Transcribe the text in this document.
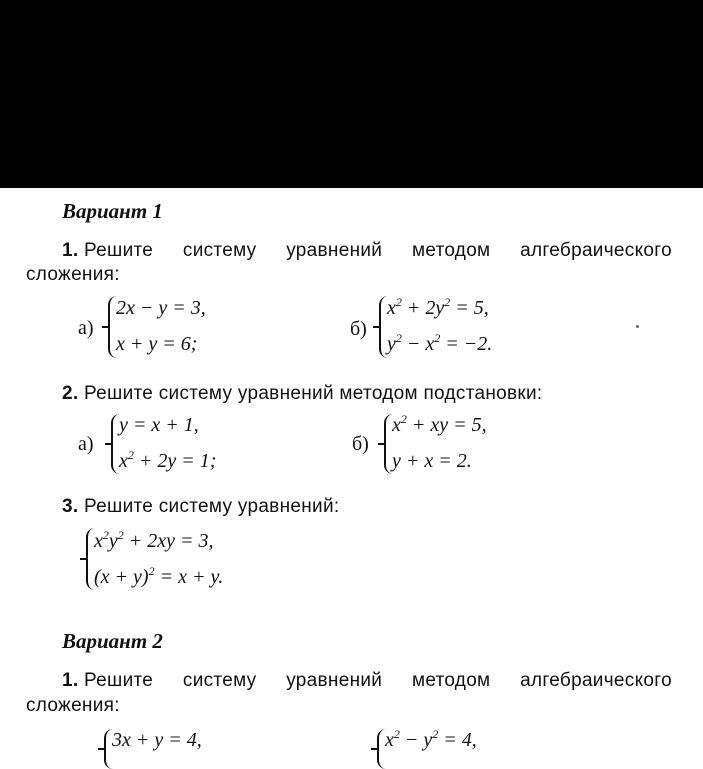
Вариант 1
1. Решите систему уравнений методом алгебраического
сложения:
а)
2x − y = 3,
x + y = 6;
б)
$x^2 + 2y^2 = 5$,
$y^2 - x^2 = -2$.
2. Решите систему уравнений методом подстановки:
а)
y = x + 1,
$x^2 + 2y = 1$;
б)
$x^2$ + xy = 5,
y + x = 2.
3. Решите систему уравнений:
$x^2y^2 + 2xy = 3$,
$(x + y)^2 = x + y$.
Вариант 2
1. Решите систему уравнений методом алгебраического
сложения:
3x + y = 4,	$x^2 - y^2 = 4$,
